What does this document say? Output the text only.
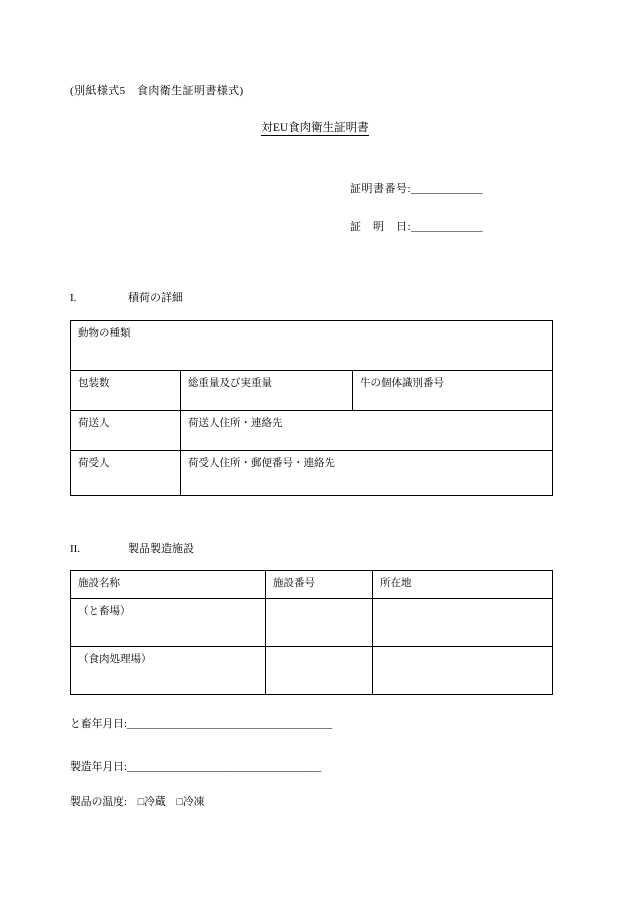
(別紙様式5　食肉衛生証明書様式)
対EU食肉衛生証明書
証明書番号:_____________
証　明　日:_____________
I.	積荷の詳細
動物の種類		
包装数	総重量及び実重量	牛の個体識別番号
荷送人	荷送人住所・連絡先	
荷受人	荷受人住所・郵便番号・連絡先	
II.	製品製造施設
施設名称	施設番号	所在地
（と畜場）		
（食肉処理場）		
と畜年月日:______________________________________
製造年月日:____________________________________
製品の温度: □冷蔵 □冷凍
